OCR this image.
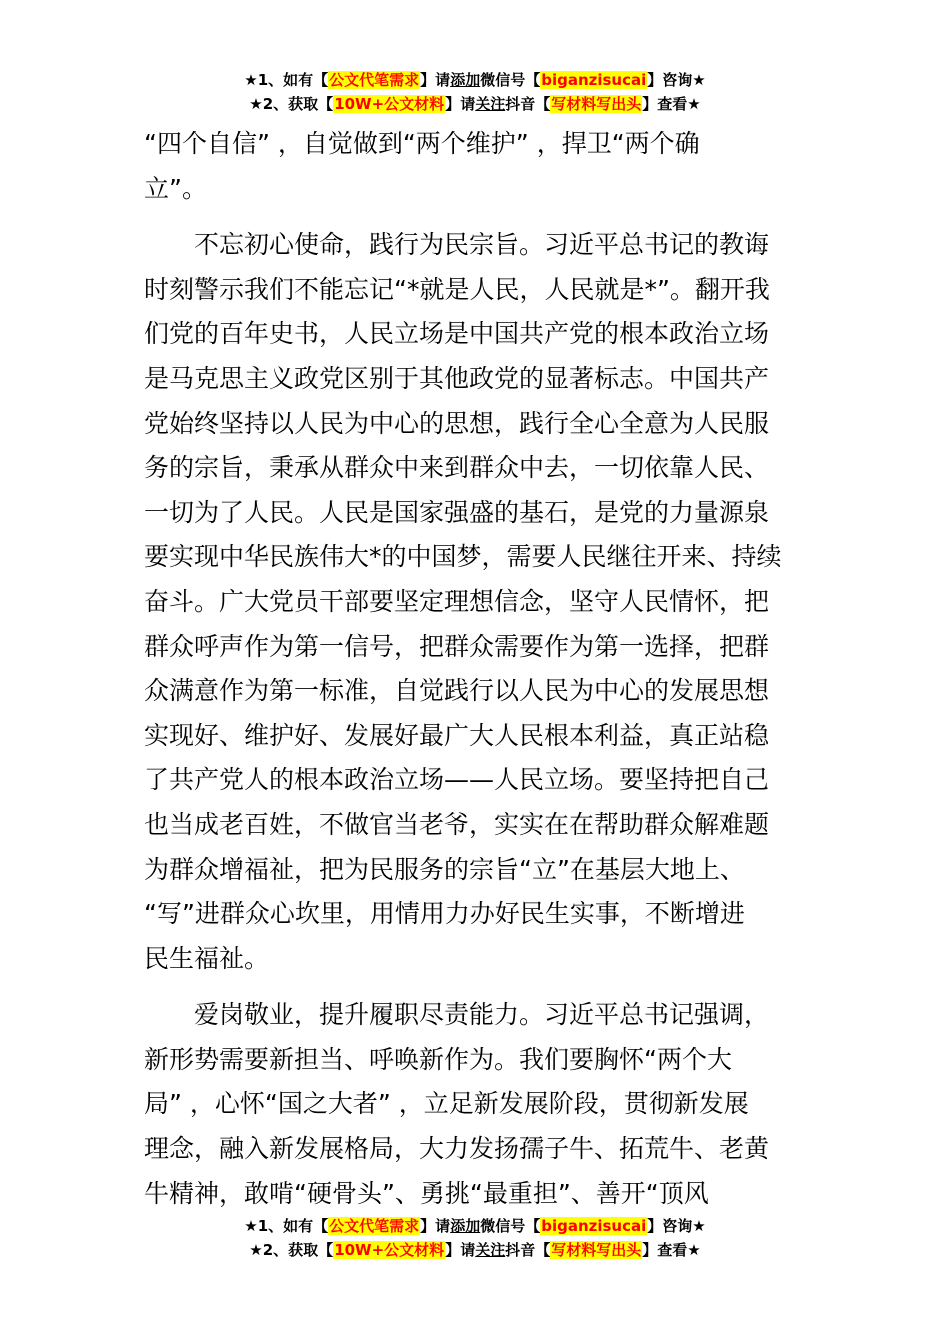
★1、如有【公文代笔需求】请添加微信号【biganzisucai】咨询★
★2、获取【10W+公文材料】请关注抖音【写材料写出头】查看★
“四个自信” ，自觉做到“两个维护” ，捍卫“两个确
立”。
不忘初心使命，践行为民宗旨。习近平总书记的教诲
时刻警示我们不能忘记“*就是人民，人民就是*”。翻开我
们党的百年史书，人民立场是中国共产党的根本政治立场
是马克思主义政党区别于其他政党的显著标志。中国共产
党始终坚持以人民为中心的思想，践行全心全意为人民服
务的宗旨，秉承从群众中来到群众中去，一切依靠人民、
一切为了人民。人民是国家强盛的基石，是党的力量源泉
要实现中华民族伟大*的中国梦，需要人民继往开来、持续
奋斗。广大党员干部要坚定理想信念，坚守人民情怀，把
群众呼声作为第一信号，把群众需要作为第一选择，把群
众满意作为第一标准，自觉践行以人民为中心的发展思想
实现好、维护好、发展好最广大人民根本利益，真正站稳
了共产党人的根本政治立场——人民立场。要坚持把自己
也当成老百姓，不做官当老爷，实实在在帮助群众解难题
为群众增福祉，把为民服务的宗旨“立”在基层大地上、
“写”进群众心坎里，用情用力办好民生实事，不断增进
民生福祉。
爱岗敬业，提升履职尽责能力。习近平总书记强调，
新形势需要新担当、呼唤新作为。我们要胸怀“两个大
局” ，心怀“国之大者” ，立足新发展阶段，贯彻新发展
理念，融入新发展格局，大力发扬孺子牛、拓荒牛、老黄
牛精神，敢啃“硬骨头”、勇挑“最重担”、善开“顶风
★1、如有【公文代笔需求】请添加微信号【biganzisucai】咨询★
★2、获取【10W+公文材料】请关注抖音【写材料写出头】查看★
